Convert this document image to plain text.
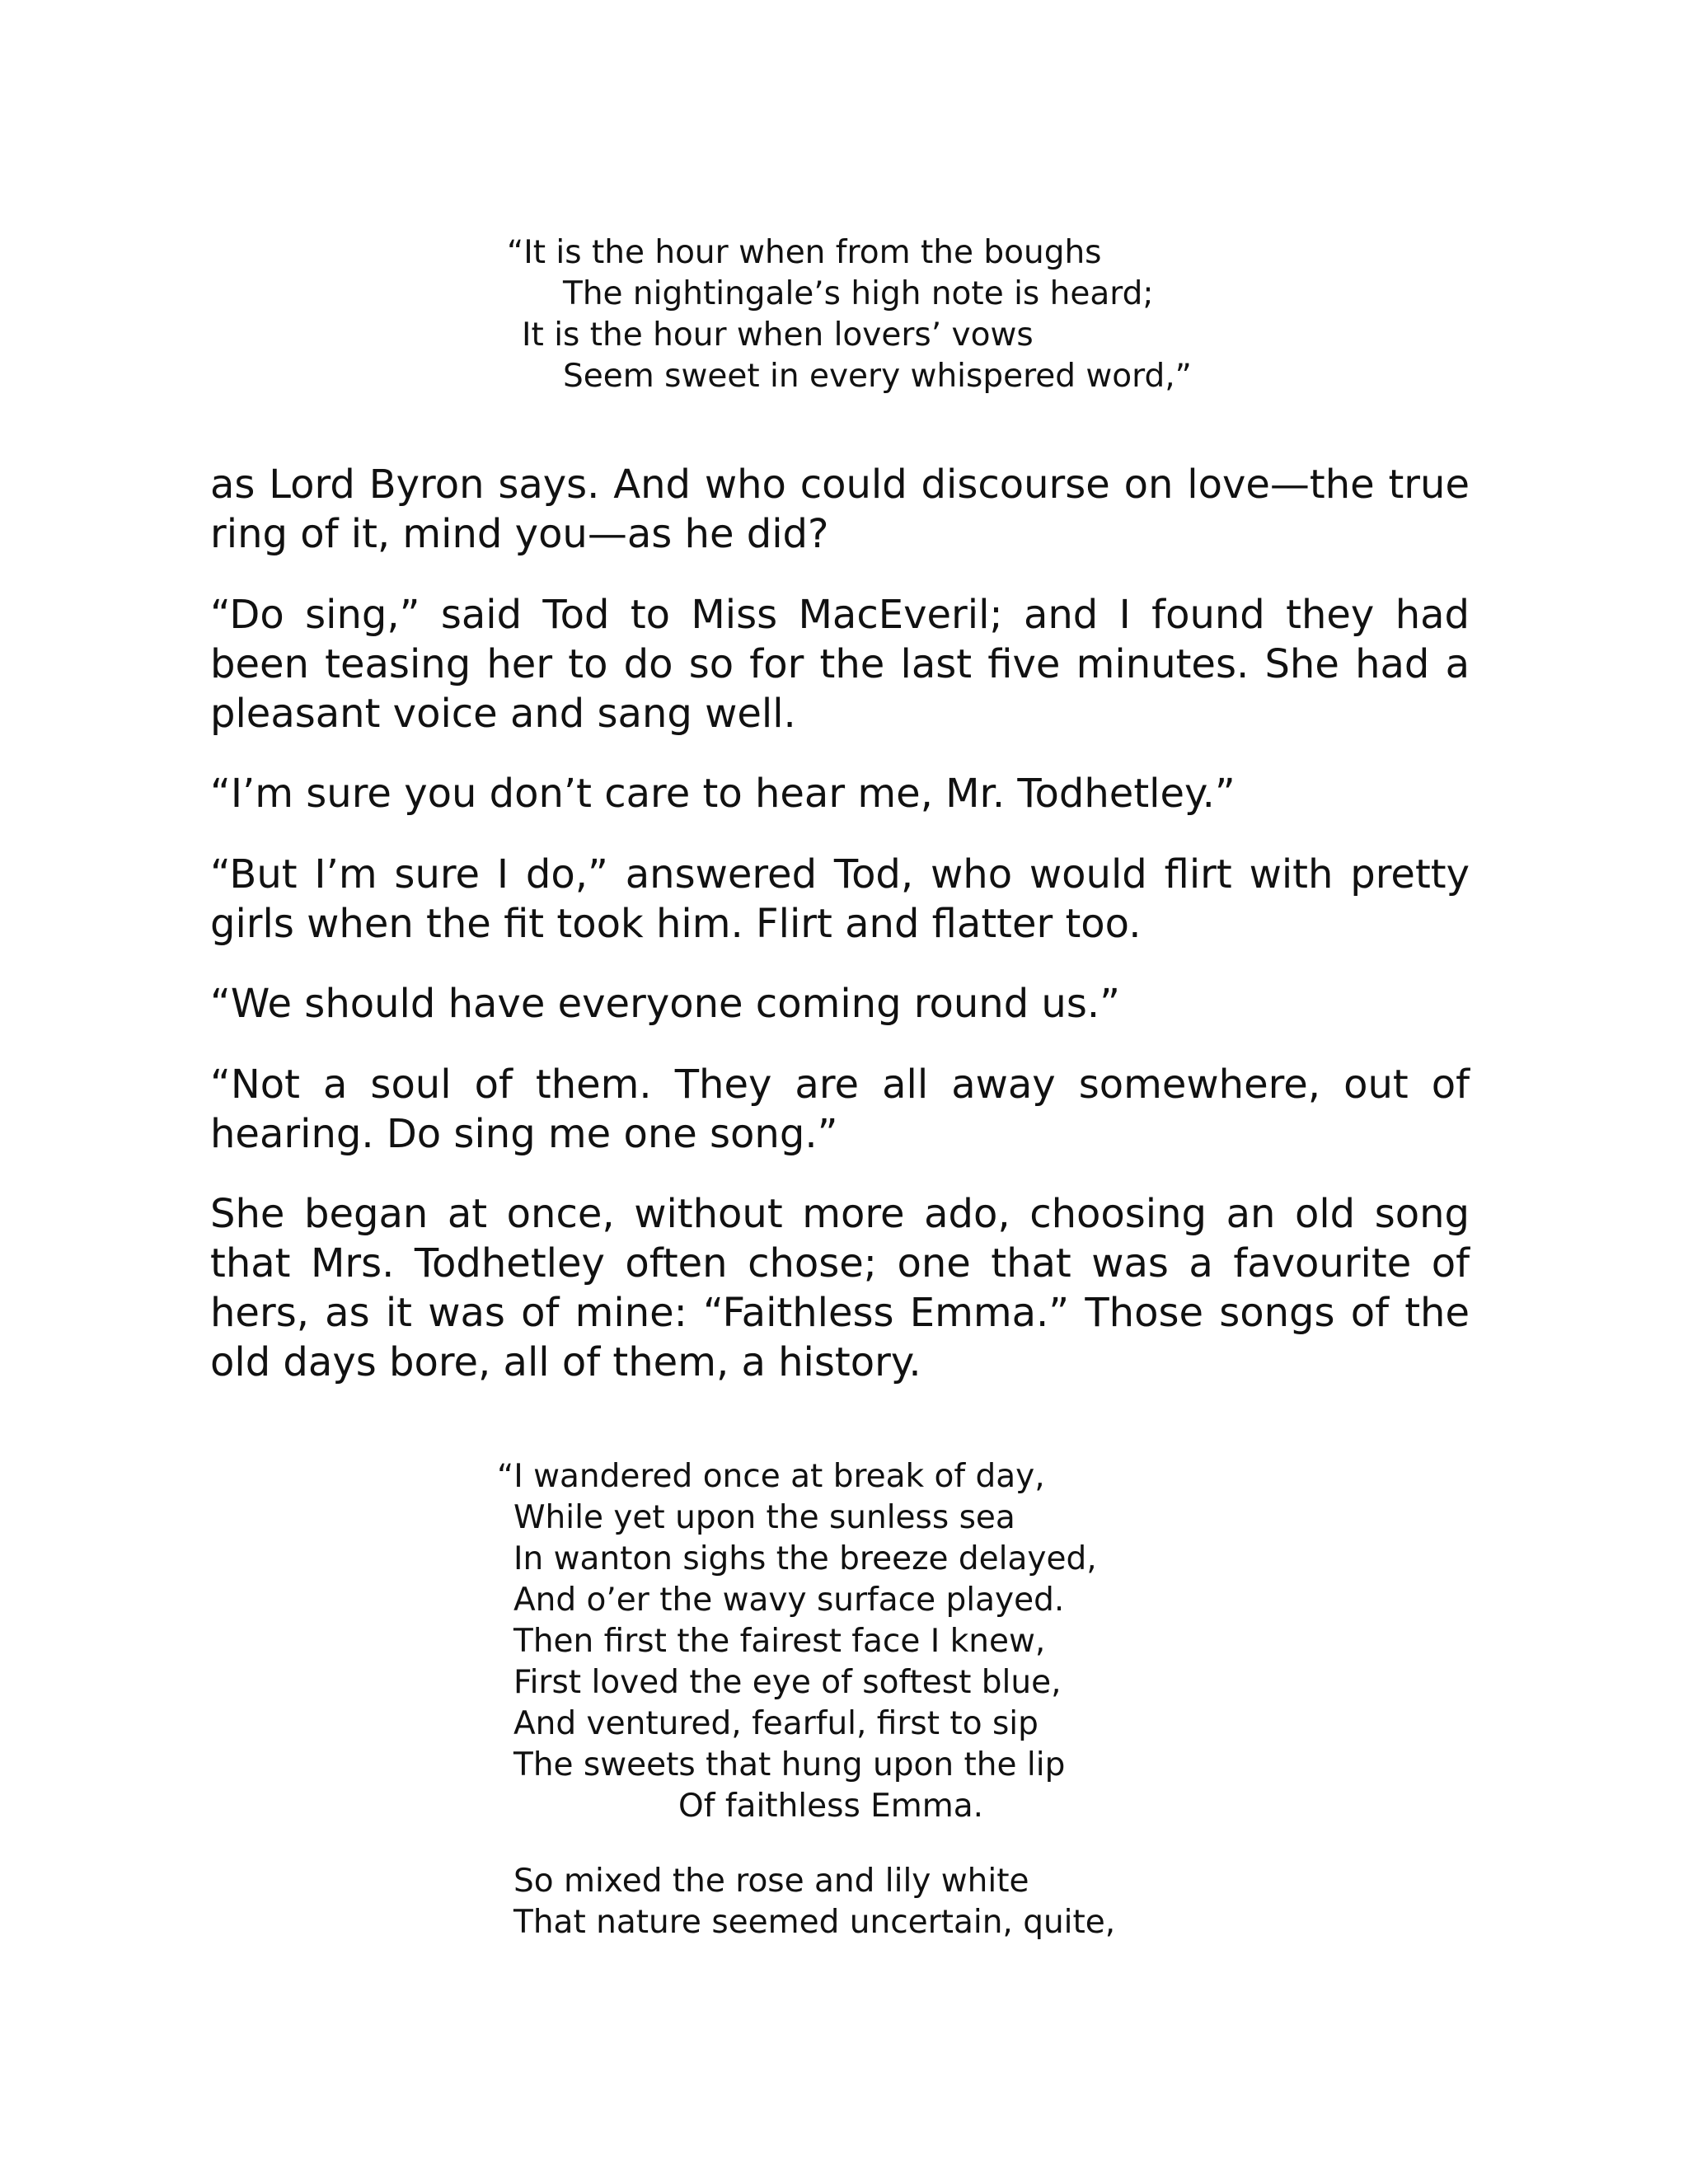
“It is the hour when from the boughs
The nightingale’s high note is heard;
It is the hour when lovers’ vows
Seem sweet in every whispered word,”
as Lord Byron says. And who could discourse on love—the true ring of it, mind you—as he did?
“Do sing,” said Tod to Miss MacEveril; and I found they had been teasing her to do so for the last five minutes. She had a pleasant voice and sang well.
“I’m sure you don’t care to hear me, Mr. Todhetley.”
“But I’m sure I do,” answered Tod, who would flirt with pretty girls when the fit took him. Flirt and flatter too.
“We should have everyone coming round us.”
“Not a soul of them. They are all away somewhere, out of hearing. Do sing me one song.”
She began at once, without more ado, choosing an old song that Mrs. Todhetley often chose; one that was a favourite of hers, as it was of mine: “Faithless Emma.” Those songs of the old days bore, all of them, a history.
“I wandered once at break of day,
While yet upon the sunless sea
In wanton sighs the breeze delayed,
And o’er the wavy surface played.
Then first the fairest face I knew,
First loved the eye of softest blue,
And ventured, fearful, first to sip
The sweets that hung upon the lip
Of faithless Emma.
So mixed the rose and lily white
That nature seemed uncertain, quite,
